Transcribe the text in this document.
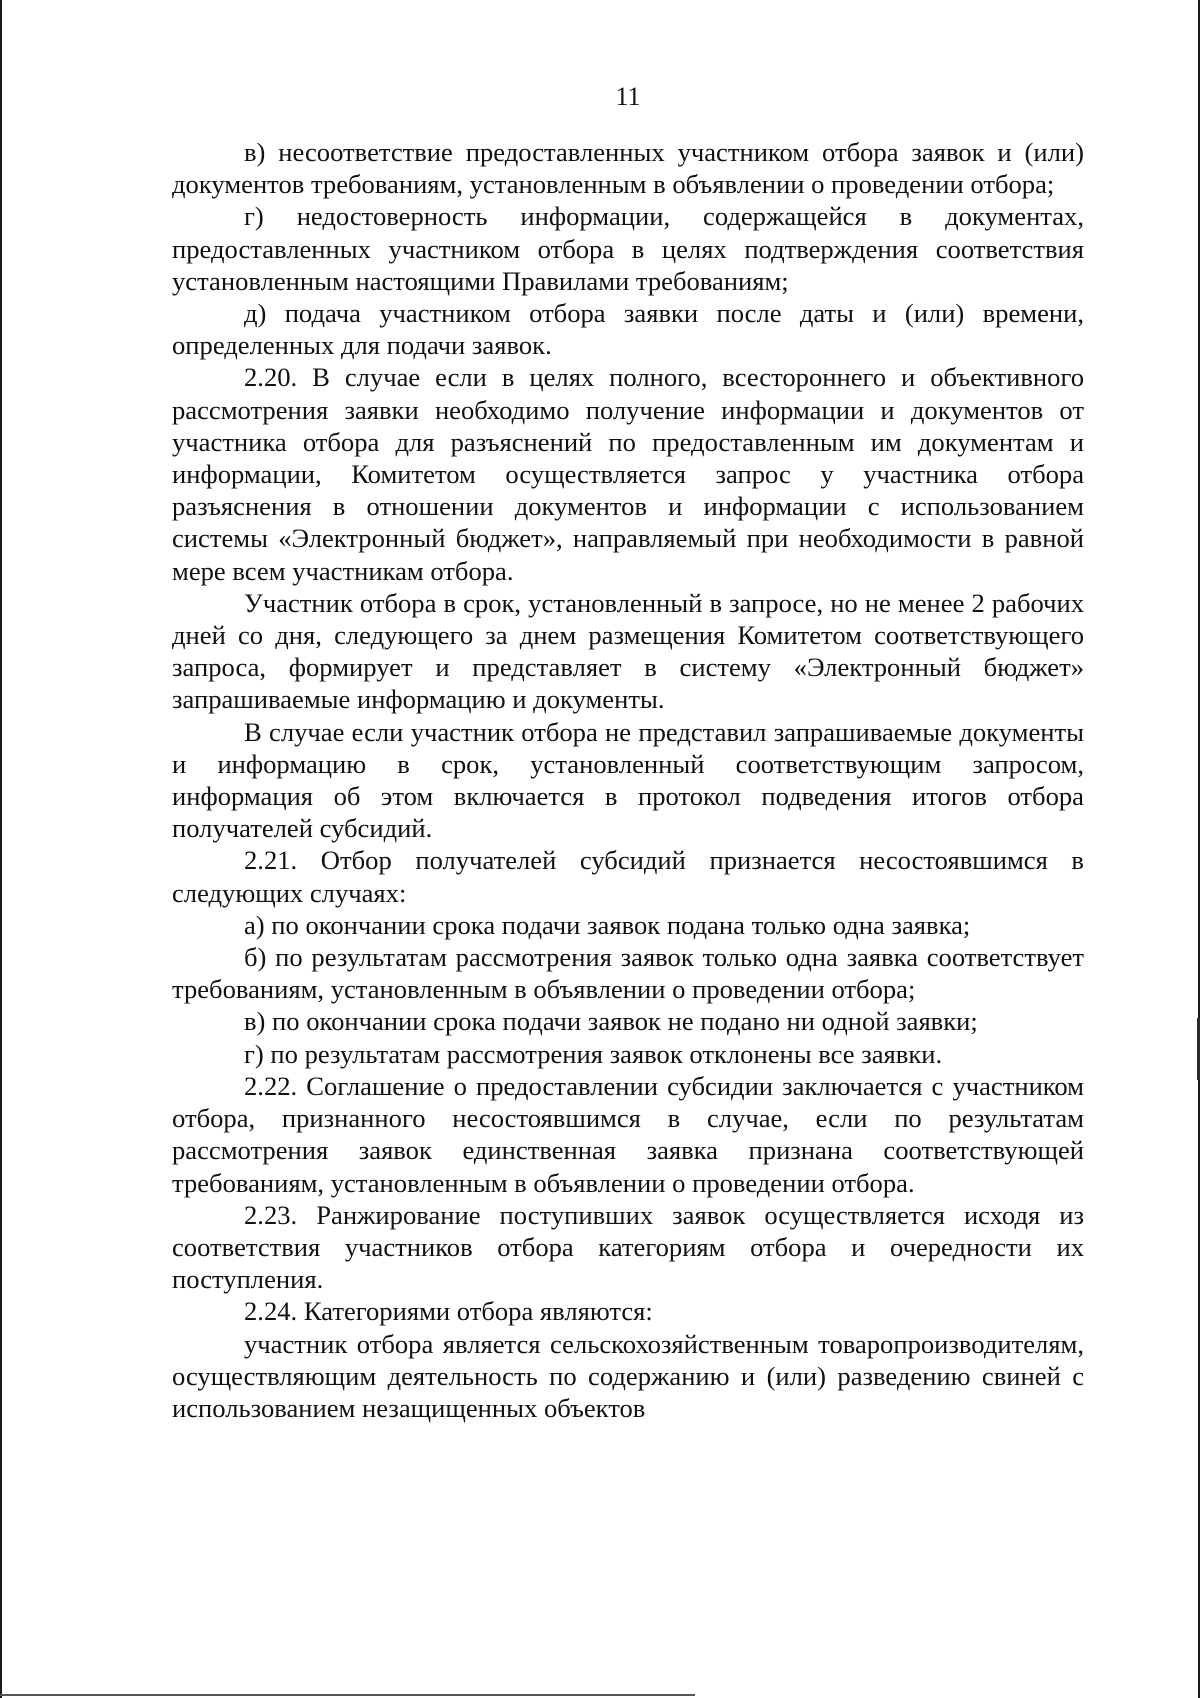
11

в) несоответствие предоставленных участником отбора заявок и (или) документов требованиям, установленным в объявлении о проведении отбора;

г) недостоверность информации, содержащейся в документах, предоставленных участником отбора в целях подтверждения соответствия установленным настоящими Правилами требованиям;

д) подача участником отбора заявки после даты и (или) времени, определенных для подачи заявок.

2.20. В случае если в целях полного, всестороннего и объективного рассмотрения заявки необходимо получение информации и документов от участника отбора для разъяснений по предоставленным им документам и информации, Комитетом осуществляется запрос у участника отбора разъяснения в отношении документов и информации с использованием системы «Электронный бюджет», направляемый при необходимости в равной мере всем участникам отбора.

Участник отбора в срок, установленный в запросе, но не менее 2 рабочих дней со дня, следующего за днем размещения Комитетом соответствующего запроса, формирует и представляет в систему «Электронный бюджет» запрашиваемые информацию и документы.

В случае если участник отбора не представил запрашиваемые документы и информацию в срок, установленный соответствующим запросом, информация об этом включается в протокол подведения итогов отбора получателей субсидий.

2.21. Отбор получателей субсидий признается несостоявшимся в следующих случаях:

а) по окончании срока подачи заявок подана только одна заявка;

б) по результатам рассмотрения заявок только одна заявка соответствует требованиям, установленным в объявлении о проведении отбора;

в) по окончании срока подачи заявок не подано ни одной заявки;

г) по результатам рассмотрения заявок отклонены все заявки.

2.22. Соглашение о предоставлении субсидии заключается с участником отбора, признанного несостоявшимся в случае, если по результатам рассмотрения заявок единственная заявка признана соответствующей требованиям, установленным в объявлении о проведении отбора.

2.23. Ранжирование поступивших заявок осуществляется исходя из соответствия участников отбора категориям отбора и очередности их поступления.

2.24. Категориями отбора являются:

участник отбора является сельскохозяйственным товаропроизводителям, осуществляющим деятельность по содержанию и (или) разведению свиней с использованием незащищенных объектов
